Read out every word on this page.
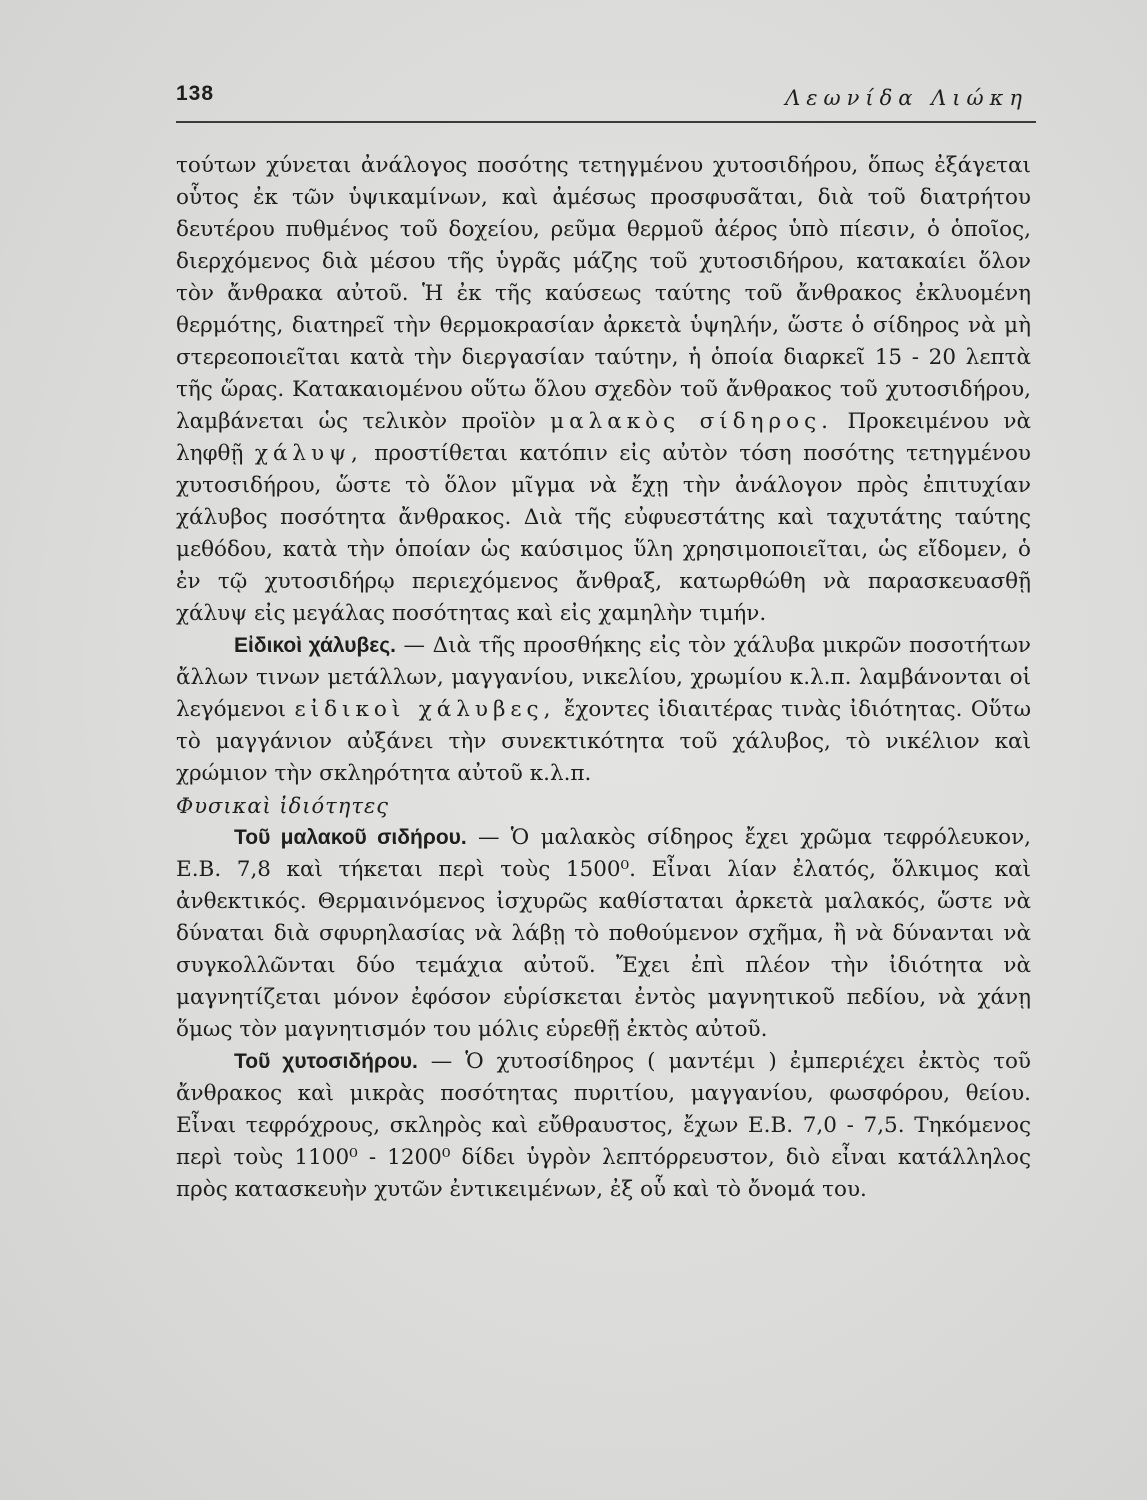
138	Λεωνίδα Λιώκη

τούτων χύνεται ἀνάλογος ποσότης τετηγμένου χυτοσιδήρου, ὅπως ἐξάγεται οὗτος ἐκ τῶν ὑψικαμίνων, καὶ ἀμέσως προσφυσᾶται, διὰ τοῦ διατρήτου δευτέρου πυθμένος τοῦ δοχείου, ρεῦμα θερμοῦ ἀέρος ὑπὸ πίεσιν, ὁ ὁποῖος, διερχόμενος διὰ μέσου τῆς ὑγρᾶς μάζης τοῦ χυτοσιδήρου, κατακαίει ὅλον τὸν ἄνθρακα αὐτοῦ. Ἡ ἐκ τῆς καύσεως ταύτης τοῦ ἄνθρακος ἐκλυομένη θερμότης, διατηρεῖ τὴν θερμοκρασίαν ἀρκετὰ ὑψηλήν, ὥστε ὁ σίδηρος νὰ μὴ στερεοποιεῖται κατὰ τὴν διεργασίαν ταύτην, ἡ ὁποία διαρκεῖ 15 - 20 λεπτὰ τῆς ὥρας. Κατακαιομένου οὕτω ὅλου σχεδὸν τοῦ ἄνθρακος τοῦ χυτοσιδήρου, λαμβάνεται ὡς τελικὸν προϊὸν μαλακὸς σίδηρος. Προκειμένου νὰ ληφθῇ χάλυψ, προστίθεται κατόπιν εἰς αὐτὸν τόση ποσότης τετηγμένου χυτοσιδήρου, ὥστε τὸ ὅλον μῖγμα νὰ ἔχῃ τὴν ἀνάλογον πρὸς ἐπιτυχίαν χάλυβος ποσότητα ἄνθρακος. Διὰ τῆς εὐφυεστάτης καὶ ταχυτάτης ταύτης μεθόδου, κατὰ τὴν ὁποίαν ὡς καύσιμος ὕλη χρησιμοποιεῖται, ὡς εἴδομεν, ὁ ἐν τῷ χυτοσιδήρῳ περιεχόμενος ἄνθραξ, κατωρθώθη νὰ παρασκευασθῇ χάλυψ εἰς μεγάλας ποσότητας καὶ εἰς χαμηλὴν τιμήν.

Εἰδικοὶ χάλυβες. — Διὰ τῆς προσθήκης εἰς τὸν χάλυβα μικρῶν ποσοτήτων ἄλλων τινων μετάλλων, μαγγανίου, νικελίου, χρωμίου κ.λ.π. λαμβάνονται οἱ λεγόμενοι εἰδικοὶ χάλυβες, ἔχοντες ἰδιαιτέρας τινὰς ἰδιότητας. Οὕτω τὸ μαγγάνιον αὐξάνει τὴν συνεκτικότητα τοῦ χάλυβος, τὸ νικέλιον καὶ χρώμιον τὴν σκληρότητα αὐτοῦ κ.λ.π.

Φυσικαὶ ἰδιότητες

Τοῦ μαλακοῦ σιδήρου. — Ὁ μαλακὸς σίδηρος ἔχει χρῶμα τεφρόλευκον, Ε.Β. 7,8 καὶ τήκεται περὶ τοὺς 1500⁰. Εἶναι λίαν ἐλατός, ὅλκιμος καὶ ἀνθεκτικός. Θερμαινόμενος ἰσχυρῶς καθίσταται ἀρκετὰ μαλακός, ὥστε νὰ δύναται διὰ σφυρηλασίας νὰ λάβῃ τὸ ποθούμενον σχῆμα, ἢ νὰ δύνανται νὰ συγκολλῶνται δύο τεμάχια αὐτοῦ. Ἔχει ἐπὶ πλέον τὴν ἰδιότητα νὰ μαγνητίζεται μόνον ἐφόσον εὑρίσκεται ἐντὸς μαγνητικοῦ πεδίου, νὰ χάνῃ ὅμως τὸν μαγνητισμόν του μόλις εὑρεθῇ ἐκτὸς αὐτοῦ.

Τοῦ χυτοσιδήρου. — Ὁ χυτοσίδηρος ( μαντέμι ) ἐμπεριέχει ἐκτὸς τοῦ ἄνθρακος καὶ μικρὰς ποσότητας πυριτίου, μαγγανίου, φωσφόρου, θείου. Εἶναι τεφρόχρους, σκληρὸς καὶ εὔθραυστος, ἔχων Ε.Β. 7,0 - 7,5. Τηκόμενος περὶ τοὺς 1100⁰ - 1200⁰ δίδει ὑγρὸν λεπτόρρευστον, διὸ εἶναι κατάλληλος πρὸς κατασκευὴν χυτῶν ἐντικειμένων, ἐξ οὗ καὶ τὸ ὄνομά του.
